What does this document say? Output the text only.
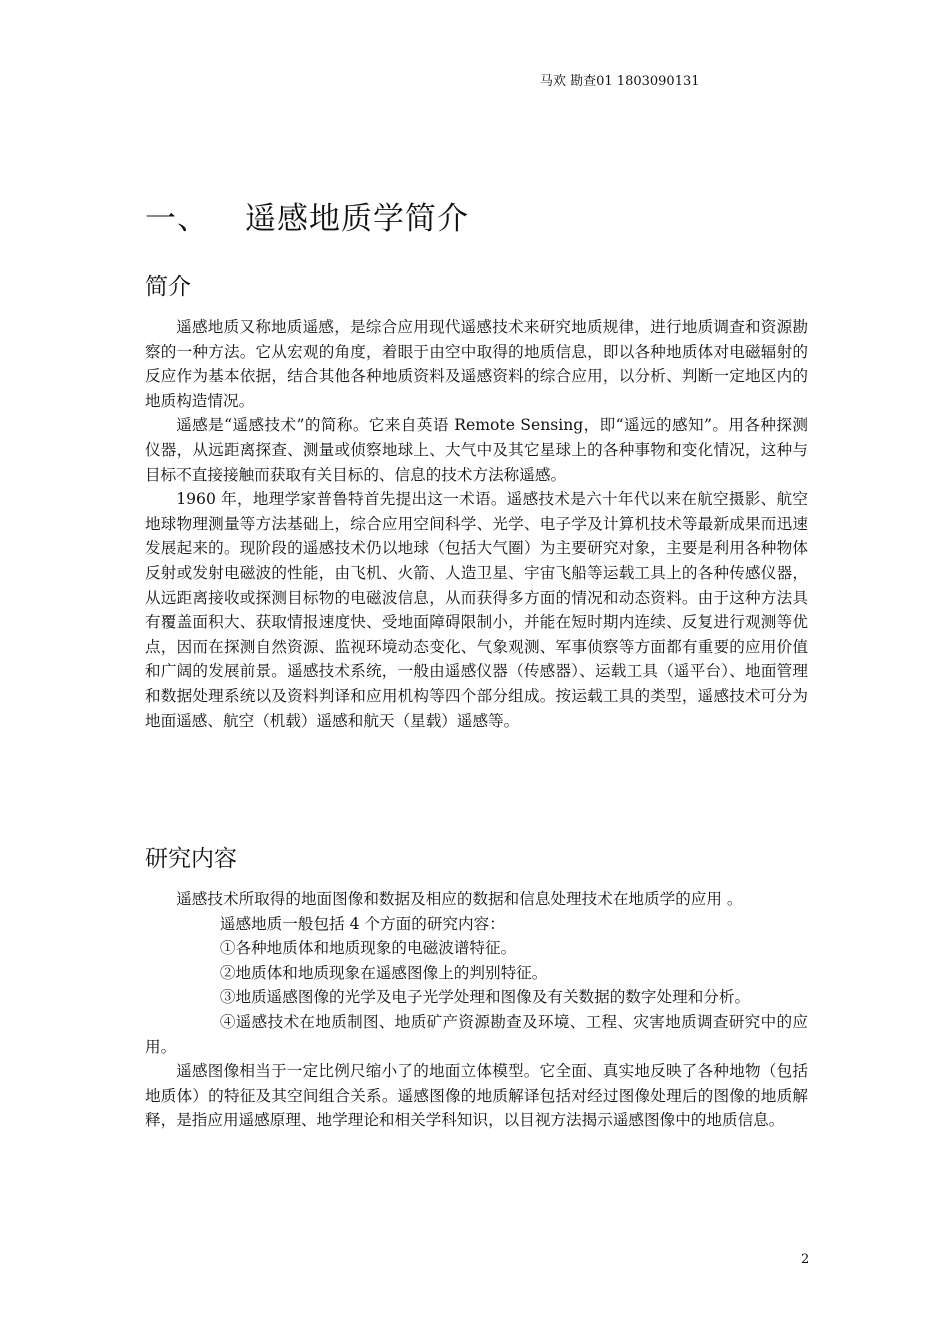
马欢 勘查01 1803090131
一、 遥感地质学简介
简介

遥感地质又称地质遥感，是综合应用现代遥感技术来研究地质规律，进行地质调查和资源勘察的一种方法。它从宏观的角度，着眼于由空中取得的地质信息，即以各种地质体对电磁辐射的反应作为基本依据，结合其他各种地质资料及遥感资料的综合应用，以分析、判断一定地区内的地质构造情况。

遥感是“遥感技术”的简称。它来自英语 Remote Sensing，即“遥远的感知”。用各种探测仪器，从远距离探查、测量或侦察地球上、大气中及其它星球上的各种事物和变化情况，这种与目标不直接接触而获取有关目标的、信息的技术方法称遥感。

1960 年，地理学家普鲁特首先提出这一术语。遥感技术是六十年代以来在航空摄影、航空地球物理测量等方法基础上，综合应用空间科学、光学、电子学及计算机技术等最新成果而迅速发展起来的。现阶段的遥感技术仍以地球（包括大气圈）为主要研究对象，主要是利用各种物体反射或发射电磁波的性能，由飞机、火箭、人造卫星、宇宙飞船等运载工具上的各种传感仪器，从远距离接收或探测目标物的电磁波信息，从而获得多方面的情况和动态资料。由于这种方法具有覆盖面积大、获取情报速度快、受地面障碍限制小，并能在短时期内连续、反复进行观测等优点，因而在探测自然资源、监视环境动态变化、气象观测、军事侦察等方面都有重要的应用价值和广阔的发展前景。遥感技术系统，一般由遥感仪器（传感器）、运载工具（遥平台）、地面管理和数据处理系统以及资料判译和应用机构等四个部分组成。按运载工具的类型，遥感技术可分为地面遥感、航空（机载）遥感和航天（星载）遥感等。

研究内容

遥感技术所取得的地面图像和数据及相应的数据和信息处理技术在地质学的应用 。

遥感地质一般包括 4 个方面的研究内容：

①各种地质体和地质现象的电磁波谱特征。

②地质体和地质现象在遥感图像上的判别特征。

③地质遥感图像的光学及电子光学处理和图像及有关数据的数字处理和分析。

④遥感技术在地质制图、地质矿产资源勘查及环境、工程、灾害地质调查研究中的应用。

遥感图像相当于一定比例尺缩小了的地面立体模型。它全面、真实地反映了各种地物（包括地质体）的特征及其空间组合关系。遥感图像的地质解译包括对经过图像处理后的图像的地质解释，是指应用遥感原理、地学理论和相关学科知识，以目视方法揭示遥感图像中的地质信息。

2
